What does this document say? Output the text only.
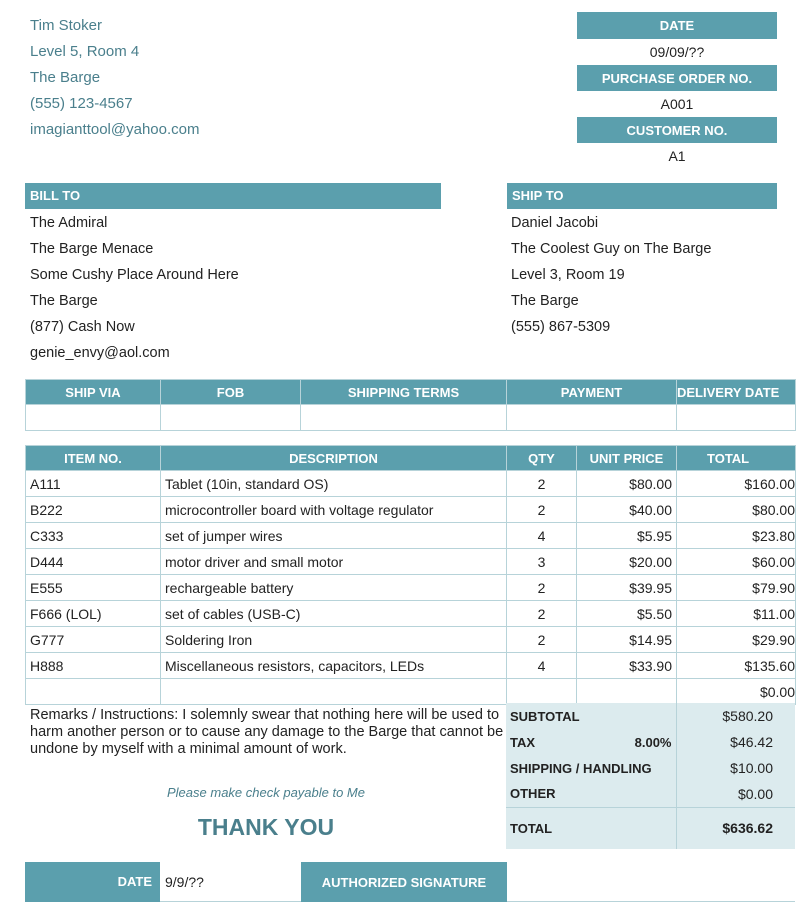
Tim Stoker
Level 5, Room 4
The Barge
(555) 123-4567
imagianttool@yahoo.com
DATE
09/09/??
PURCHASE ORDER NO.
A001
CUSTOMER NO.
A1
BILL TO
The Admiral
The Barge Menace
Some Cushy Place Around Here
The Barge
(877) Cash Now
genie_envy@aol.com
SHIP TO
Daniel Jacobi
The Coolest Guy on The Barge
Level 3, Room 19
The Barge
(555) 867-5309
SHIP VIA	FOB	SHIPPING TERMS	PAYMENT	DELIVERY DATE

ITEM NO.	DESCRIPTION	QTY	UNIT PRICE	TOTAL
A111	Tablet (10in, standard OS)	2	$80.00	$160.00
B222	microcontroller board with voltage regulator	2	$40.00	$80.00
C333	set of jumper wires	4	$5.95	$23.80
D444	motor driver and small motor	3	$20.00	$60.00
E555	rechargeable battery	2	$39.95	$79.90
F666 (LOL)	set of cables (USB-C)	2	$5.50	$11.00
G777	Soldering Iron	2	$14.95	$29.90
H888	Miscellaneous resistors, capacitors, LEDs	4	$33.90	$135.60
				$0.00
Remarks / Instructions: I solemnly swear that nothing here will be used to harm another person or to cause any damage to the Barge that cannot be undone by myself with a minimal amount of work.
Please make check payable to Me
THANK YOU
SUBTOTAL	$580.20
TAX 8.00%	$46.42
SHIPPING / HANDLING	$10.00
OTHER	$0.00
TOTAL	$636.62
DATE 9/9/??	AUTHORIZED SIGNATURE
